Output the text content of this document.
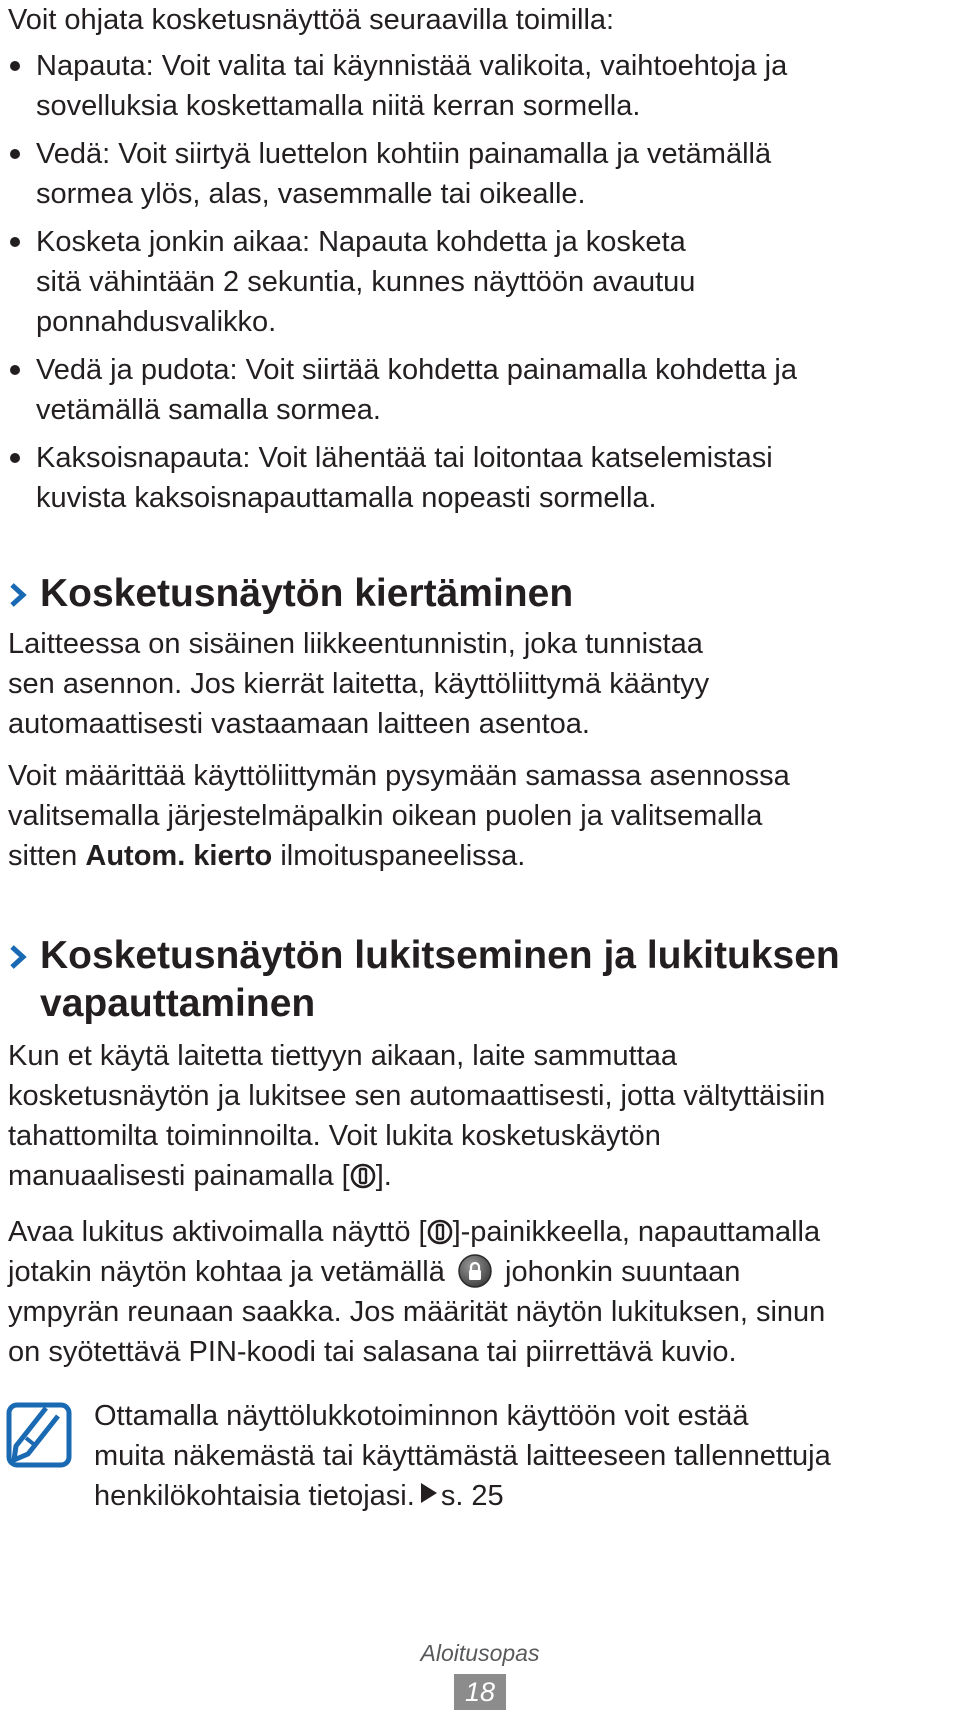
Voit ohjata kosketusnäyttöä seuraavilla toimilla:
Napauta: Voit valita tai käynnistää valikoita, vaihtoehtoja ja
sovelluksia koskettamalla niitä kerran sormella.
Vedä: Voit siirtyä luettelon kohtiin painamalla ja vetämällä
sormea ylös, alas, vasemmalle tai oikealle.
Kosketa jonkin aikaa: Napauta kohdetta ja kosketa
sitä vähintään 2 sekuntia, kunnes näyttöön avautuu
ponnahdusvalikko.
Vedä ja pudota: Voit siirtää kohdetta painamalla kohdetta ja
vetämällä samalla sormea.
Kaksoisnapauta: Voit lähentää tai loitontaa katselemistasi
kuvista kaksoisnapauttamalla nopeasti sormella.
Kosketusnäytön kiertäminen
Laitteessa on sisäinen liikkeentunnistin, joka tunnistaa
sen asennon. Jos kierrät laitetta, käyttöliittymä kääntyy
automaattisesti vastaamaan laitteen asentoa.
Voit määrittää käyttöliittymän pysymään samassa asennossa
valitsemalla järjestelmäpalkin oikean puolen ja valitsemalla
sitten Autom. kierto ilmoituspaneelissa.
Kosketusnäytön lukitseminen ja lukituksen
vapauttaminen
Kun et käytä laitetta tiettyyn aikaan, laite sammuttaa
kosketusnäytön ja lukitsee sen automaattisesti, jotta vältyttäisiin
tahattomilta toiminnoilta. Voit lukita kosketuskäytön
manuaalisesti painamalla [ ].
Avaa lukitus aktivoimalla näyttö [ ]-painikkeella, napauttamalla
jotakin näytön kohtaa ja vetämällä  johonkin suuntaan
ympyrän reunaan saakka. Jos määrität näytön lukituksen, sinun
on syötettävä PIN-koodi tai salasana tai piirrettävä kuvio.
Ottamalla näyttölukkotoiminnon käyttöön voit estää
muita näkemästä tai käyttämästä laitteeseen tallennettuja
henkilökohtaisia tietojasi. s. 25
Aloitusopas
18
